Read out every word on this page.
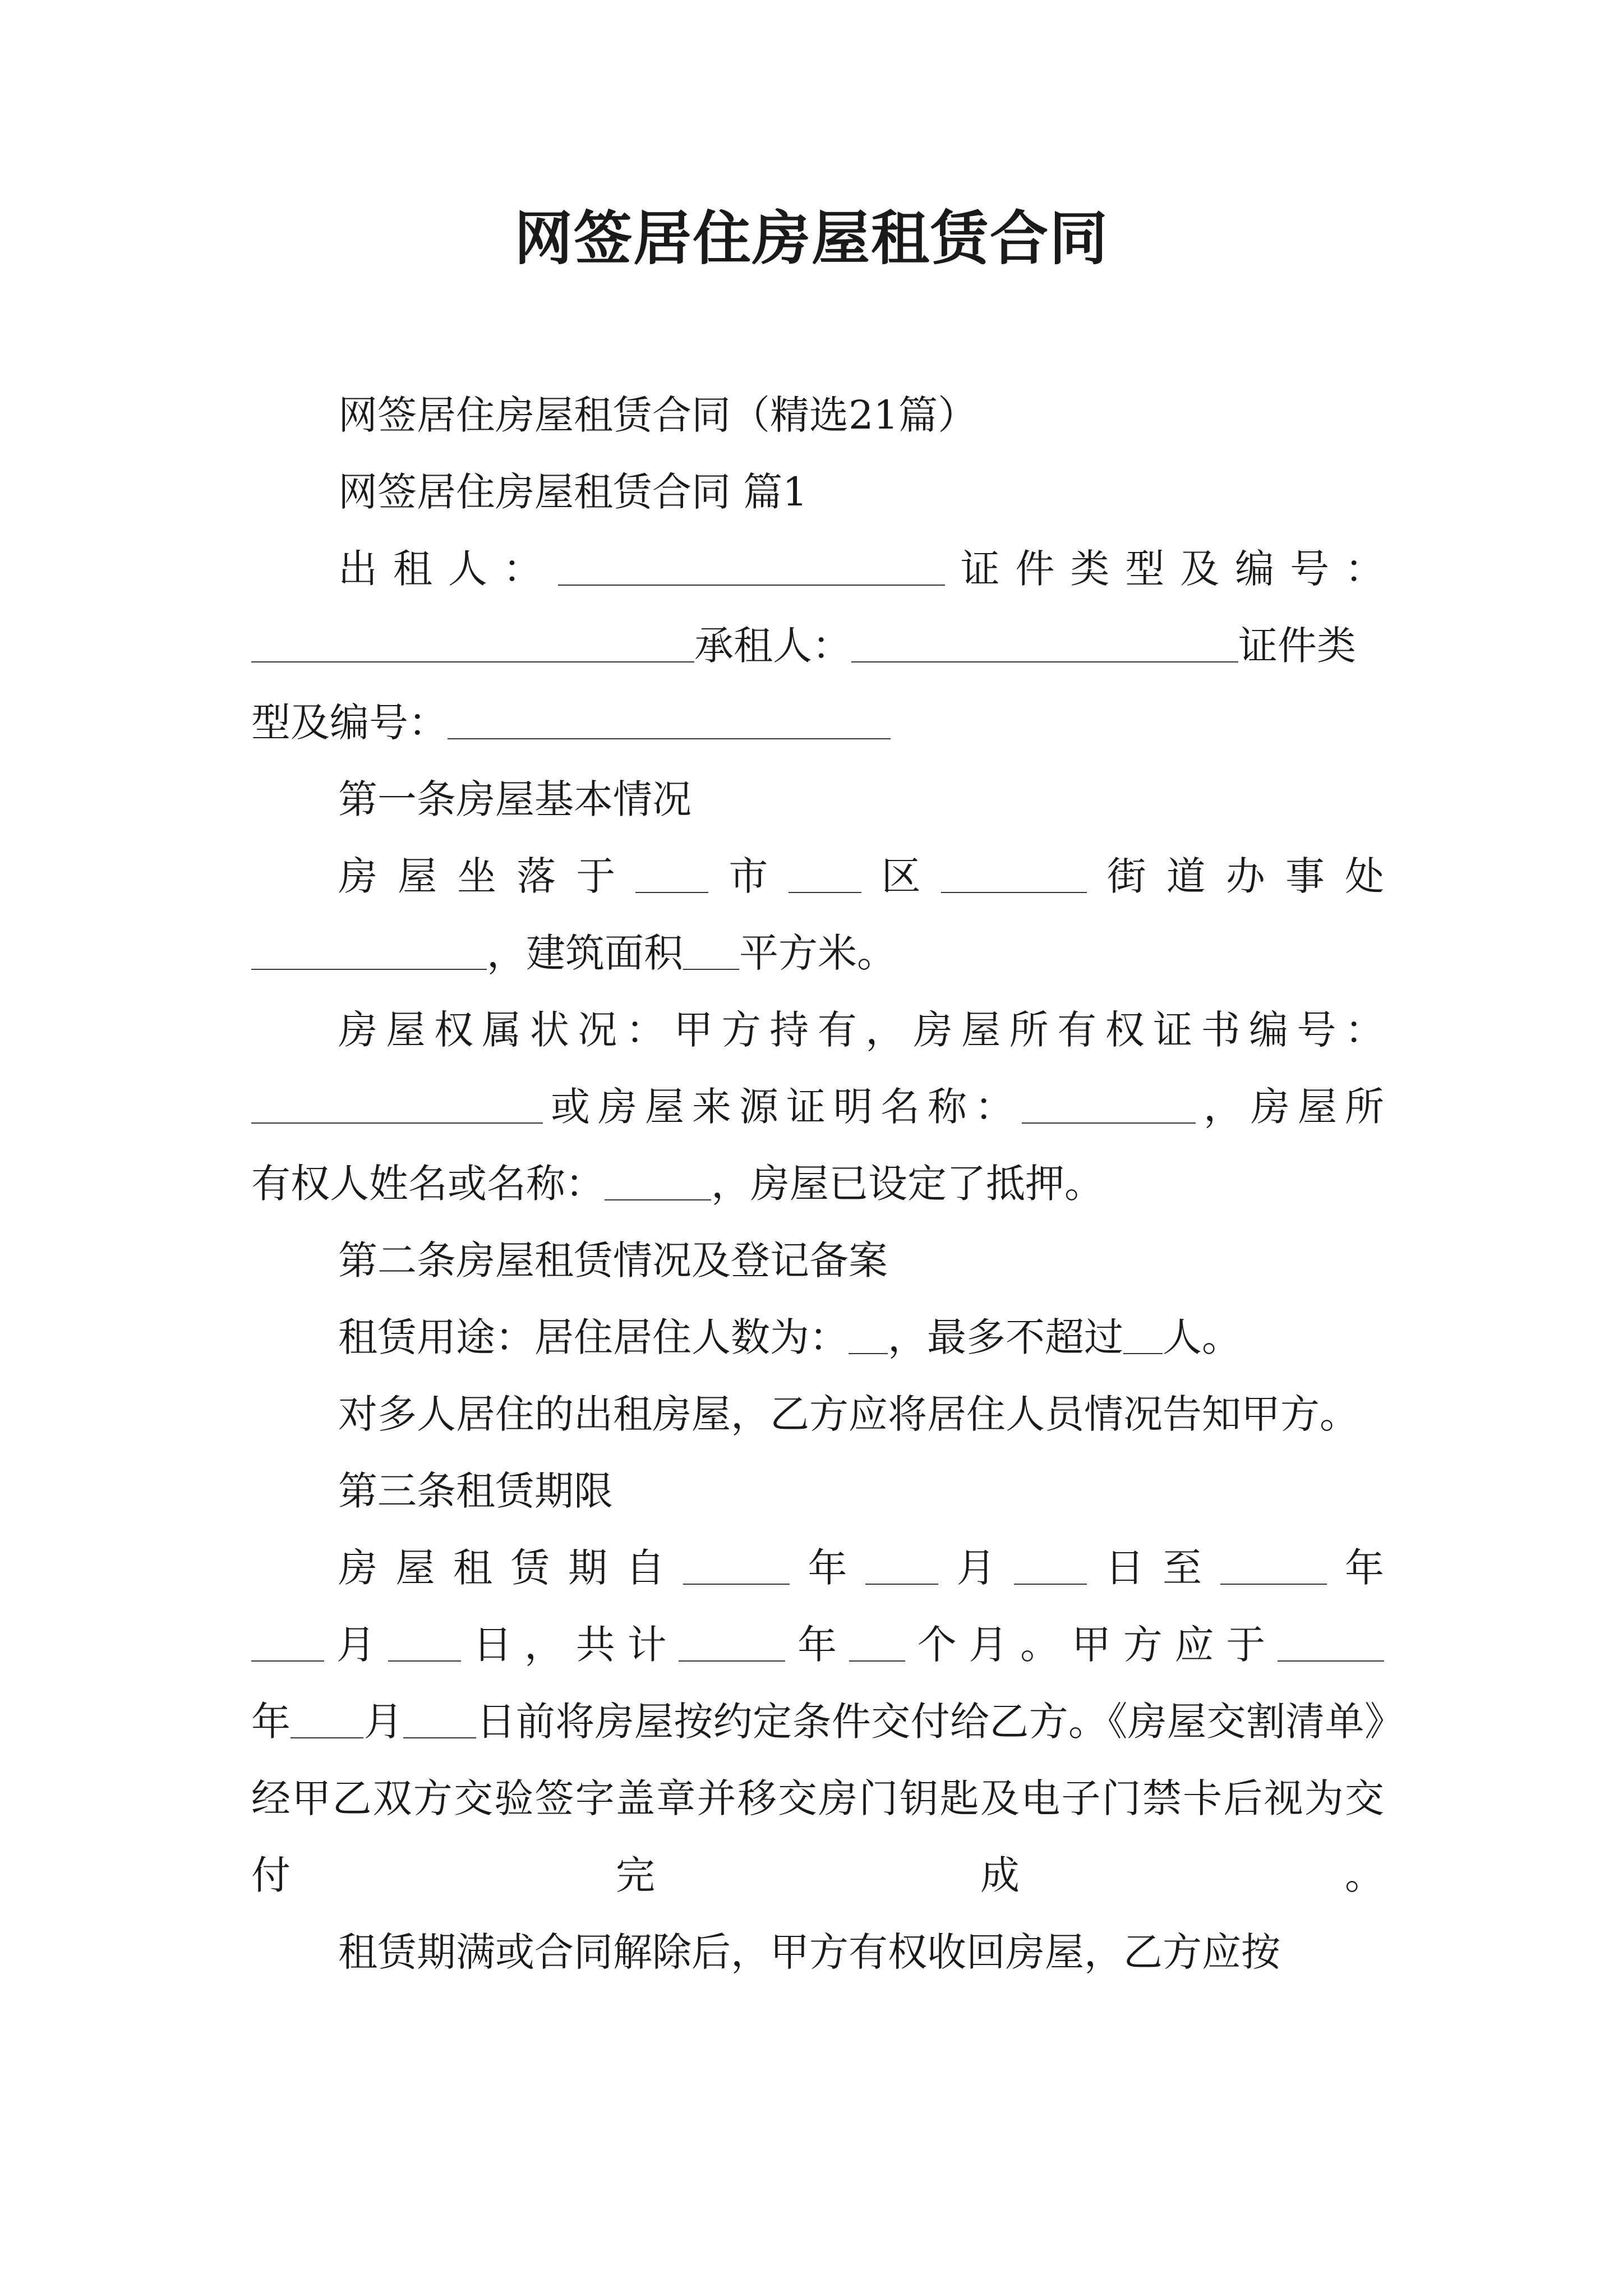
网签居住房屋租赁合同

网签居住房屋租赁合同（精选21篇）

网签居住房屋租赁合同 篇1

出租人：	证件类型及编号：

承租人：	证件类
型及编号：

第一条房屋基本情况

房屋坐落于 市 区	街道办事处

，建筑面积 平方米。

房屋权属状况：甲方持有，房屋所有权证书编号：

或房屋来源证明名称：	，房屋所

有权人姓名或名称：	，房屋已设定了抵押。

第二条房屋租赁情况及登记备案

租赁用途：居住居住人数为： ，最多不超过 人。

对多人居住的出租房屋，乙方应将居住人员情况告知甲方。

第三条租赁期限

房屋租赁期自	年 月 日至	年

月 日，共计	年 个月。甲方应于

年 月 日前将房屋按约定条件交付给乙方。《房屋交割清单》经甲乙双方交验签字盖章并移交房门钥匙及电子门禁卡后视为交付完成。

租赁期满或合同解除后，甲方有权收回房屋，乙方应按
